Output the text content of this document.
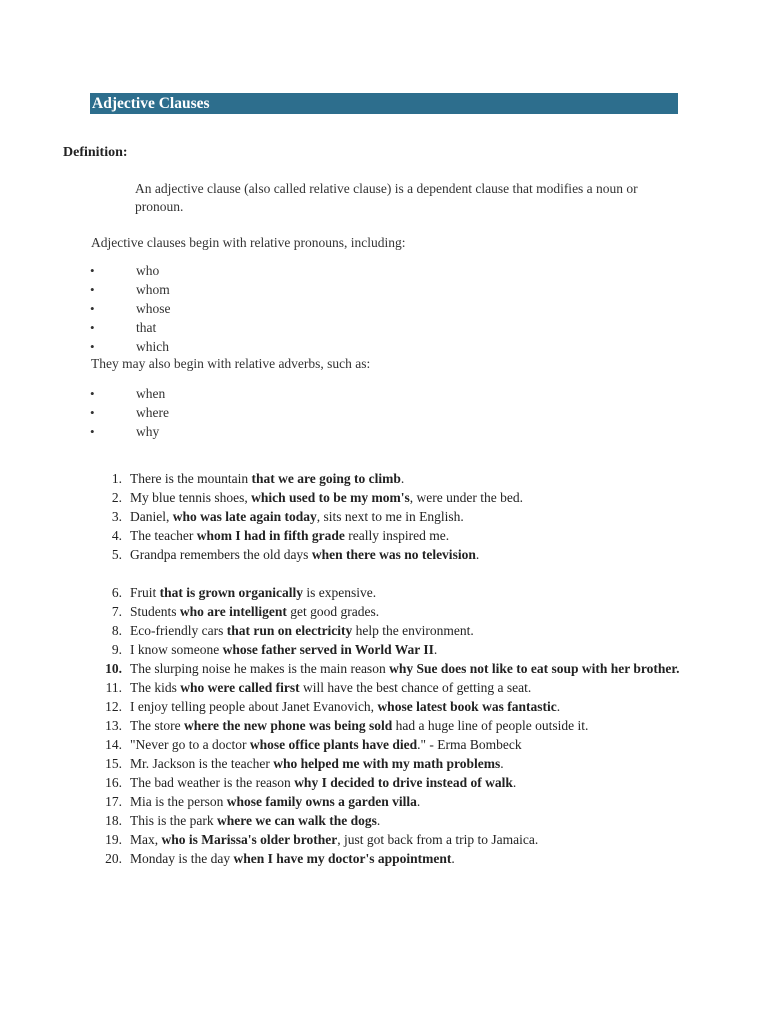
Adjective Clauses
Definition:
An adjective clause (also called relative clause) is a dependent clause that modifies a noun or pronoun.
Adjective clauses begin with relative pronouns, including:
•	who
•	whom
•	whose
•	that
•	which
They may also begin with relative adverbs, such as:
•	when
•	where
•	why
1. There is the mountain that we are going to climb.
2. My blue tennis shoes, which used to be my mom's, were under the bed.
3. Daniel, who was late again today, sits next to me in English.
4. The teacher whom I had in fifth grade really inspired me.
5. Grandpa remembers the old days when there was no television.
6. Fruit that is grown organically is expensive.
7. Students who are intelligent get good grades.
8. Eco-friendly cars that run on electricity help the environment.
9. I know someone whose father served in World War II.
10. The slurping noise he makes is the main reason why Sue does not like to eat soup with her brother.
11. The kids who were called first will have the best chance of getting a seat.
12. I enjoy telling people about Janet Evanovich, whose latest book was fantastic.
13. The store where the new phone was being sold had a huge line of people outside it.
14. "Never go to a doctor whose office plants have died." - Erma Bombeck
15. Mr. Jackson is the teacher who helped me with my math problems.
16. The bad weather is the reason why I decided to drive instead of walk.
17. Mia is the person whose family owns a garden villa.
18. This is the park where we can walk the dogs.
19. Max, who is Marissa's older brother, just got back from a trip to Jamaica.
20. Monday is the day when I have my doctor's appointment.
